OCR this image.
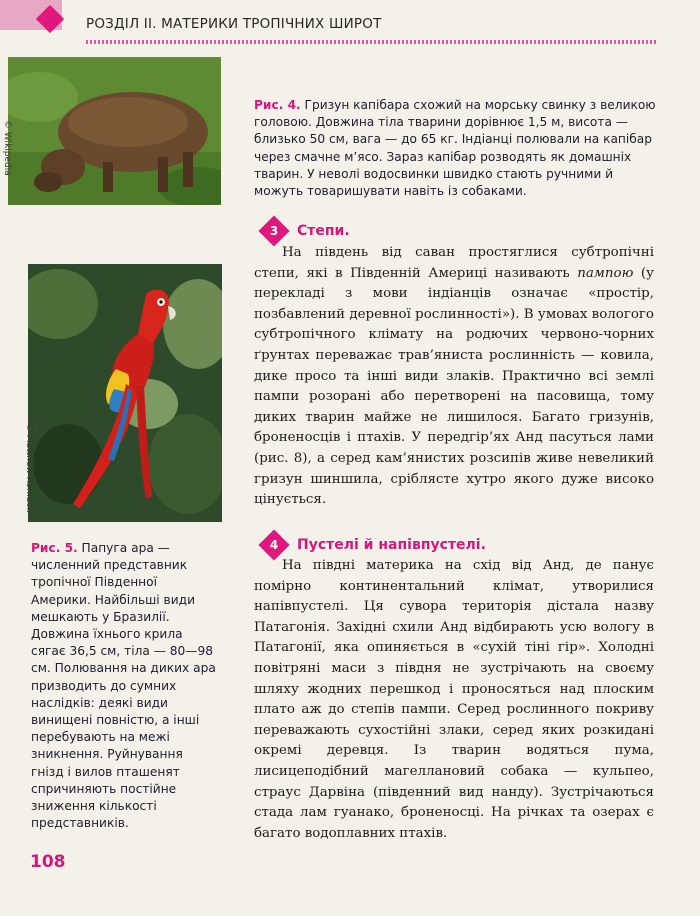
РОЗДІЛ ІІ. МАТЕРИКИ ТРОПІЧНИХ ШИРОТ
© Wikipedia
© Matthew Romack
Рис. 4. Гризун капібара схожий на морську свинку з великою головою. Довжина тіла тварини дорівнює 1,5 м, висота — близько 50 см, вага — до 65 кг. Індіанці полювали на капібар через смачне м’ясо. Зараз капібар розводять як домашніх тварин. У неволі водосвинки швидко стають ручними й можуть товаришувати навіть із собаками.
Рис. 5. Папуга ара — численний представник тропічної Південної Америки. Найбільші види мешкають у Бразилії. Довжина їхнього крила сягає 36,5 см, тіла — 80—98 см. Полювання на диких ара призводить до сумних наслідків: деякі види винищені повністю, а інші перебувають на межі зникнення. Руйнування гнізд і вилов пташенят спричиняють постійне зниження кількості представників.
3	Степи.

На південь від саван простяглися субтропічні степи, які в Південній Америці називають пампою (у перекладі з мови індіанців означає «простір, позбавлений деревної рослинності»). В умовах вологого субтропічного клімату на родючих червоно-чорних ґрунтах переважає трав’яниста рослинність — ковила, дике просо та інші види злаків. Практично всі землі пампи розорані або перетворені на пасовища, тому диких тварин майже не лишилося. Багато гризунів, броненосців і птахів. У передгір’ях Анд пасуться лами (рис. 8), а серед кам’янистих розсипів живе невеликий гризун шиншила, сріблясте хутро якого дуже високо цінується.

4	Пустелі й напівпустелі.

На півдні материка на схід від Анд, де панує помірно континентальний клімат, утворилися напівпустелі. Ця сувора територія дістала назву Патагонія. Західні схили Анд відбирають усю вологу в Патагонії, яка опиняється в «сухій тіні гір». Холодні повітряні маси з півдня не зустрічають на своєму шляху жодних перешкод і проносяться над плоским плато аж до степів пампи. Серед рослинного покриву переважають сухостійні злаки, серед яких розкидані окремі деревця. Із тварин водяться пума, лисицеподібний магеллановий собака — кульпео, страус Дарвіна (південний вид нанду). Зустрічаються стада лам гуанако, броненосці. На річках та озерах є багато водоплавних птахів.

108
